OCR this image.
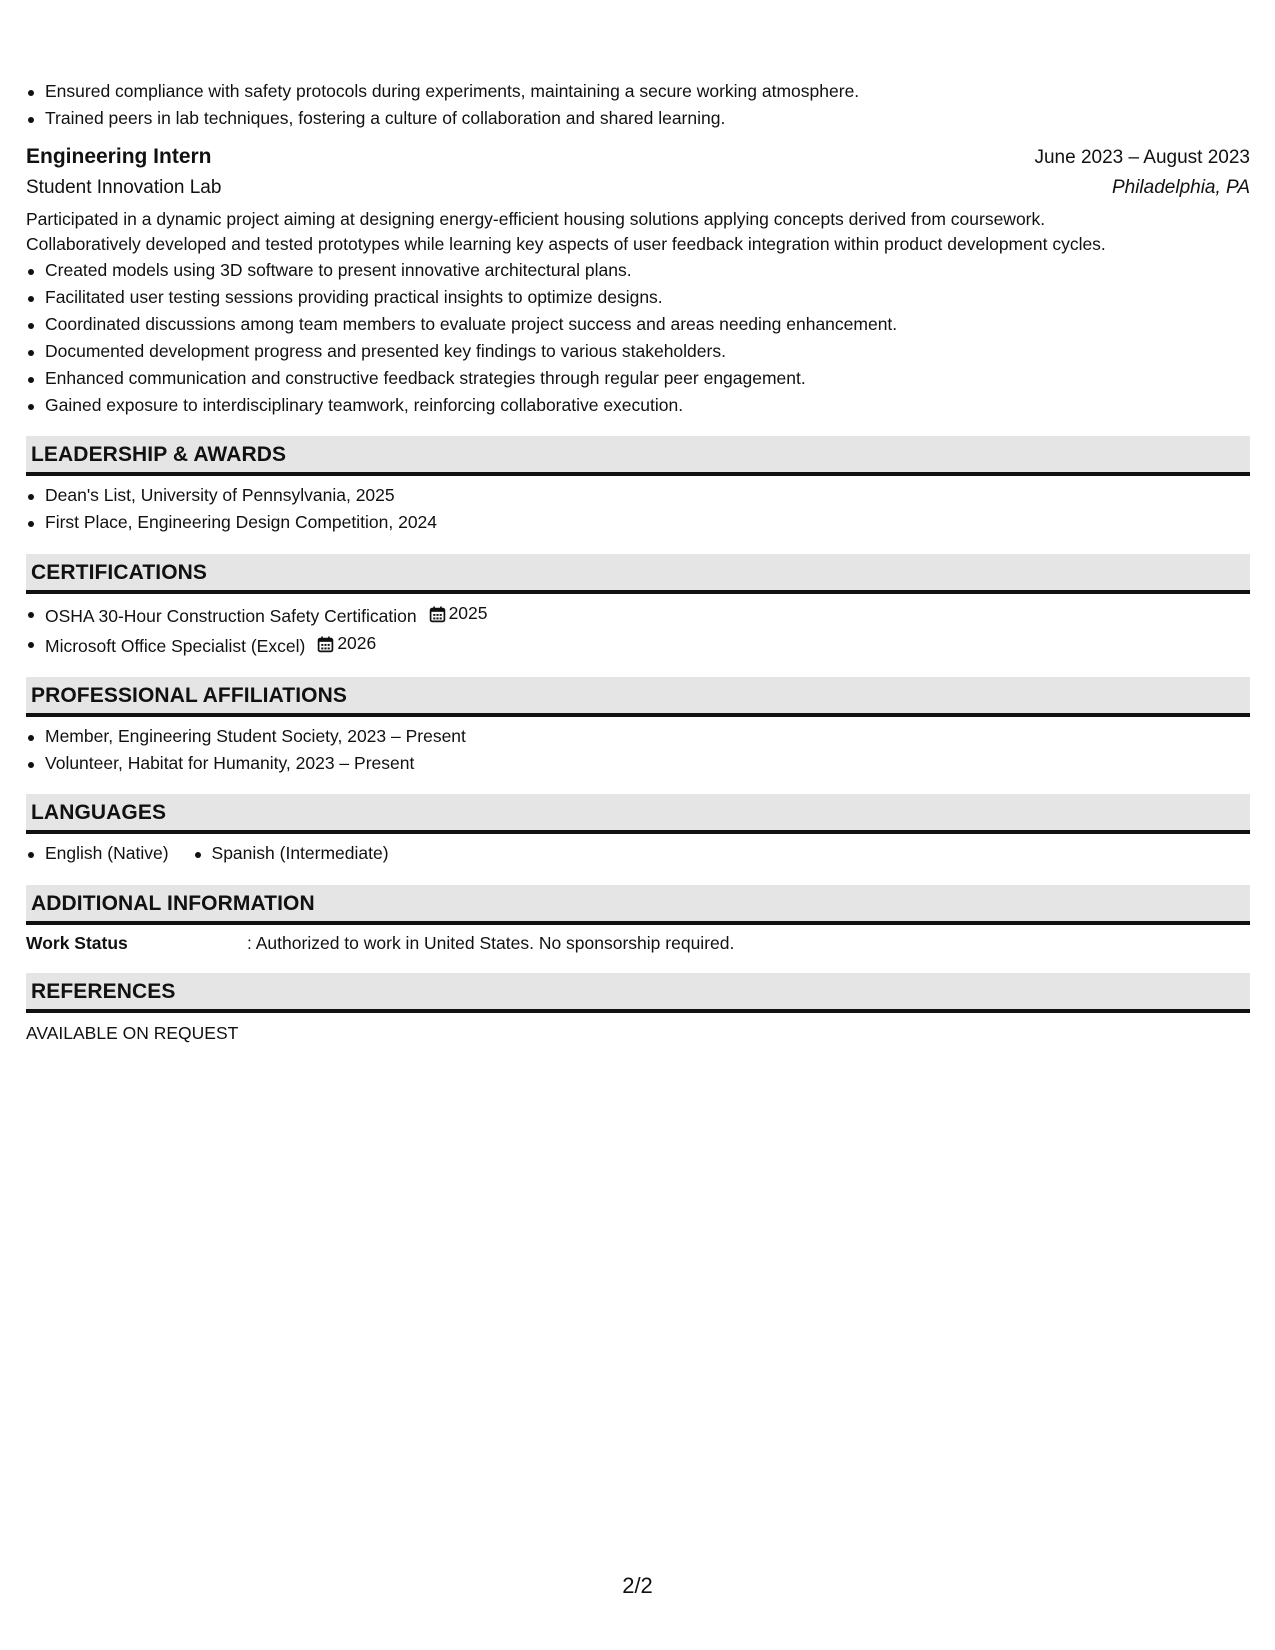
Ensured compliance with safety protocols during experiments, maintaining a secure working atmosphere.
Trained peers in lab techniques, fostering a culture of collaboration and shared learning.
Engineering Intern	June 2023 – August 2023
Student Innovation Lab	Philadelphia, PA
Participated in a dynamic project aiming at designing energy-efficient housing solutions applying concepts derived from coursework.
Collaboratively developed and tested prototypes while learning key aspects of user feedback integration within product development cycles.
Created models using 3D software to present innovative architectural plans.
Facilitated user testing sessions providing practical insights to optimize designs.
Coordinated discussions among team members to evaluate project success and areas needing enhancement.
Documented development progress and presented key findings to various stakeholders.
Enhanced communication and constructive feedback strategies through regular peer engagement.
Gained exposure to interdisciplinary teamwork, reinforcing collaborative execution.
LEADERSHIP & AWARDS
Dean's List, University of Pennsylvania, 2025
First Place, Engineering Design Competition, 2024
CERTIFICATIONS
OSHA 30-Hour Construction Safety Certification 2025
Microsoft Office Specialist (Excel) 2026
PROFESSIONAL AFFILIATIONS
Member, Engineering Student Society, 2023 – Present
Volunteer, Habitat for Humanity, 2023 – Present
LANGUAGES
English (Native)	Spanish (Intermediate)
ADDITIONAL INFORMATION
Work Status	: Authorized to work in United States. No sponsorship required.
REFERENCES
AVAILABLE ON REQUEST
2/2
